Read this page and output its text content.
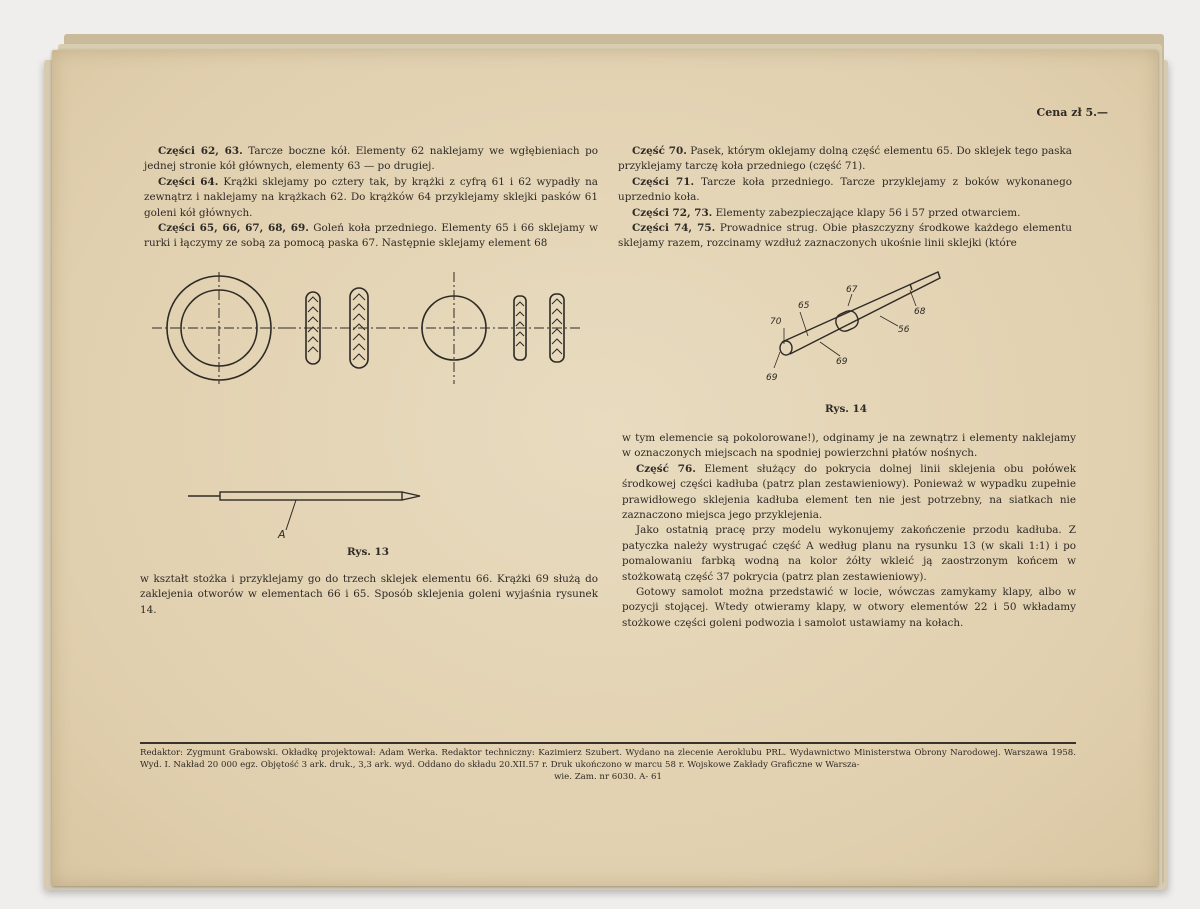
Cena zł 5.—

Części 62, 63. Tarcze boczne kół. Elementy 62 naklejamy we wgłębieniach po jednej stronie kół głównych, elementy 63 — po drugiej.

Części 64. Krążki sklejamy po cztery tak, by krążki z cyfrą 61 i 62 wypadły na zewnątrz i naklejamy na krążkach 62. Do krążków 64 przyklejamy sklejki pasków 61 goleni kół głównych.

Części 65, 66, 67, 68, 69. Goleń koła przedniego. Elementy 65 i 66 sklejamy w rurki i łączymy ze sobą za pomocą paska 67. Następnie sklejamy element 68

A
Rys. 13
w kształt stożka i przyklejamy go do trzech sklejek elementu 66. Krążki 69 służą do zaklejenia otworów w elementach 66 i 65. Sposób sklejenia goleni wyjaśnia rysunek 14.

Część 70. Pasek, którym oklejamy dolną część elementu 65. Do sklejek tego paska przyklejamy tarczę koła przedniego (część 71).

Części 71. Tarcze koła przedniego. Tarcze przyklejamy z boków wykonanego uprzednio koła.

Części 72, 73. Elementy zabezpieczające klapy 56 i 57 przed otwarciem.

Części 74, 75. Prowadnice strug. Obie płaszczyzny środkowe każdego elementu sklejamy razem, rozcinamy wzdłuż zaznaczonych ukośnie linii sklejki (które

67
65
70
68
56
69
69
Rys. 14

w tym elemencie są pokolorowane!), odginamy je na zewnątrz i elementy naklejamy w oznaczonych miejscach na spodniej powierzchni płatów nośnych.

Część 76. Element służący do pokrycia dolnej linii sklejenia obu połówek środkowej części kadłuba (patrz plan zestawieniowy). Ponieważ w wypadku zupełnie prawidłowego sklejenia kadłuba element ten nie jest potrzebny, na siatkach nie zaznaczono miejsca jego przyklejenia.

Jako ostatnią pracę przy modelu wykonujemy zakończenie przodu kadłuba. Z patyczka należy wystrugać część A według planu na rysunku 13 (w skali 1:1) i po pomalowaniu farbką wodną na kolor żółty wkleić ją zaostrzonym końcem w stożkowatą część 37 pokrycia (patrz plan zestawieniowy).

Gotowy samolot można przedstawić w locie, wówczas zamykamy klapy, albo w pozycji stojącej. Wtedy otwieramy klapy, w otwory elementów 22 i 50 wkładamy stożkowe części goleni podwozia i samolot ustawiamy na kołach.

Redaktor: Zygmunt Grabowski. Okładkę projektował: Adam Werka. Redaktor techniczny: Kazimierz Szubert. Wydano na zlecenie Aeroklubu PRL. Wydawnictwo Ministerstwa Obrony Narodowej. Warszawa 1958. Wyd. I. Nakład 20 000 egz. Objętość 3 ark. druk., 3,3 ark. wyd. Oddano do składu 20.XII.57 r. Druk ukończono w marcu 58 r. Wojskowe Zakłady Graficzne w Warsza-
wie. Zam. nr 6030. A- 61
